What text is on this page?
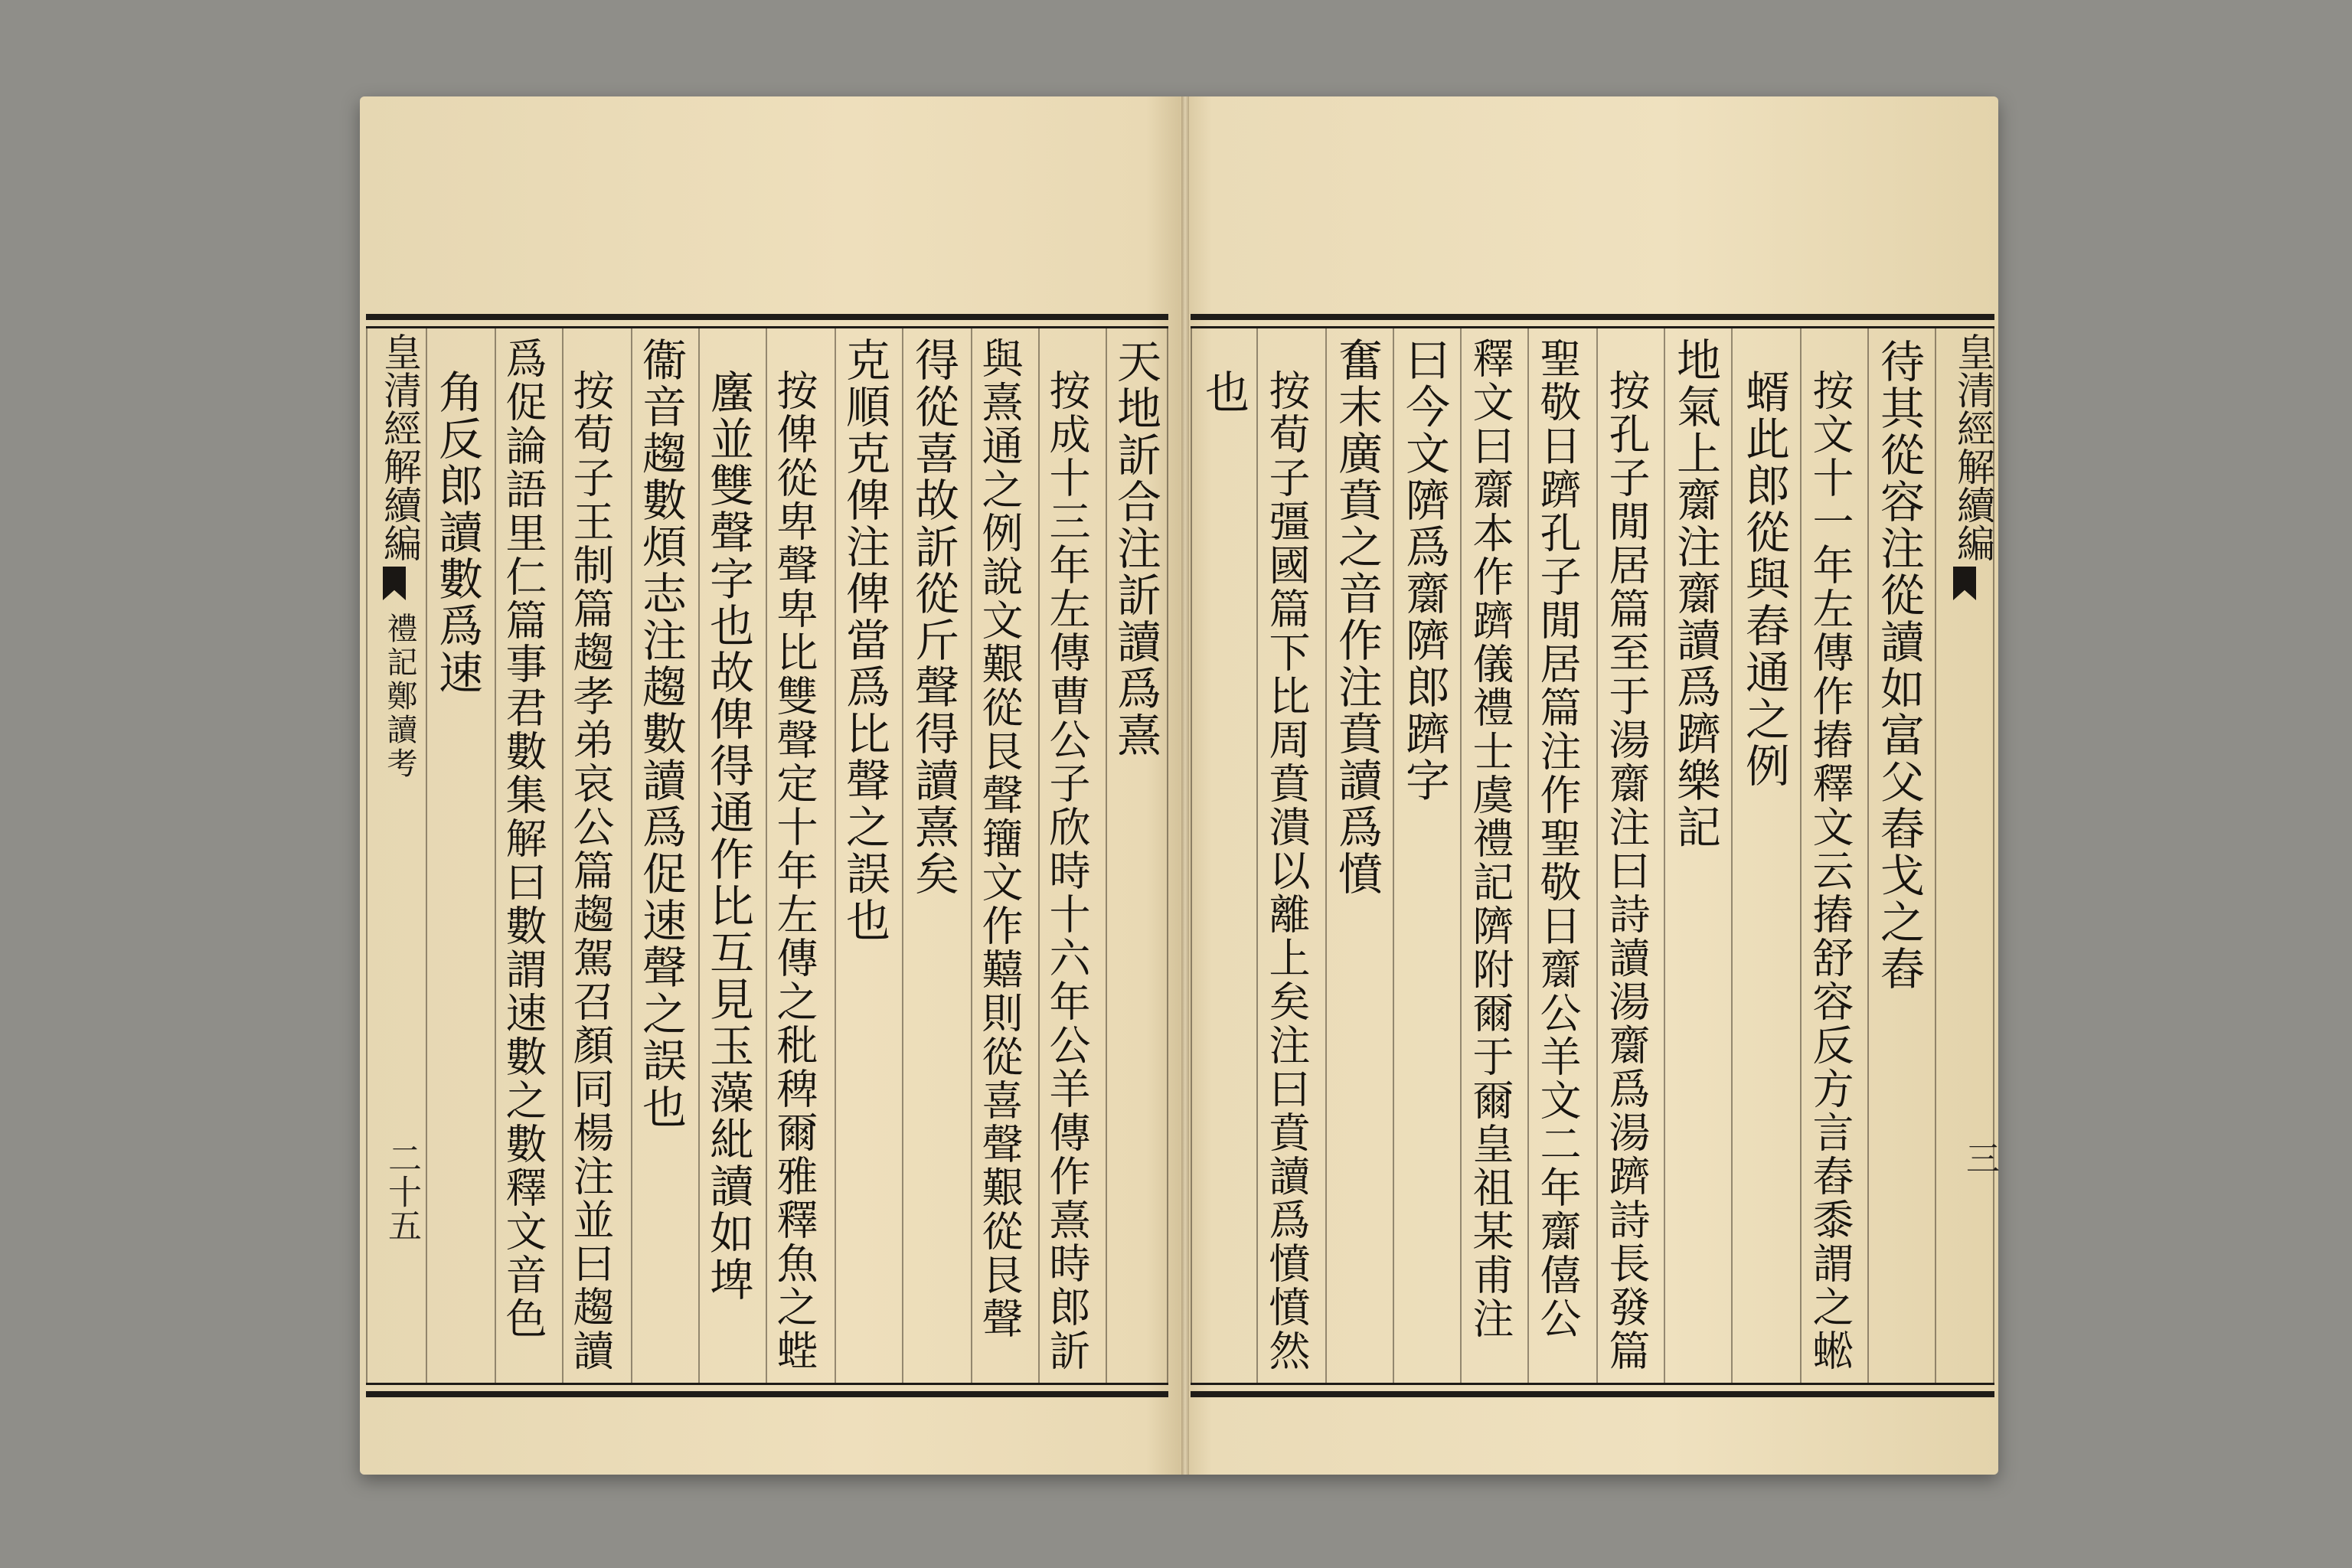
皇清經解續編
禮記鄭讀考
二十五
天地訢合注訢讀爲熹
按成十三年左傳曹公子欣時十六年公羊傳作熹時郎訢
與熹通之例說文艱從艮聲籒文作囏則從喜聲艱從艮聲
得從喜故訢從斤聲得讀熹矣
克順克俾注俾當爲比聲之誤也
按俾從卑聲卑比雙聲定十年左傳之秕稗爾雅釋魚之蜌
螷並雙聲字也故俾得通作比互見玉藻紕讀如埤
衞音趨數煩志注趨數讀爲促速聲之誤也
按荀子王制篇趨孝弟哀公篇趨駕召顏同楊注並曰趨讀
爲促論語里仁篇事君數集解曰數謂速數之數釋文音色
角反郎讀數爲速	皇清經解續編
三
待其從容注從讀如富父舂戈之舂
按文十一年左傳作摏釋文云摏舒容反方言舂黍謂之蜙
蝑此郎從與舂通之例
地氣上𪗋注𪗋讀爲躋樂記
按孔子閒居篇至于湯𪗋注曰詩讀湯𪗋爲湯躋詩長發篇
聖敬日躋孔子閒居篇注作聖敬日𪗋公羊文二年𪗋僖公
釋文曰𪗋本作躋儀禮士虞禮記隮附爾于爾皇祖某甫注
曰今文隮爲𪗋隮郎躋字
奮末廣賁之音作注賁讀爲憤
按荀子彊國篇下比周賁潰以離上矣注曰賁讀爲憤憤然
也
